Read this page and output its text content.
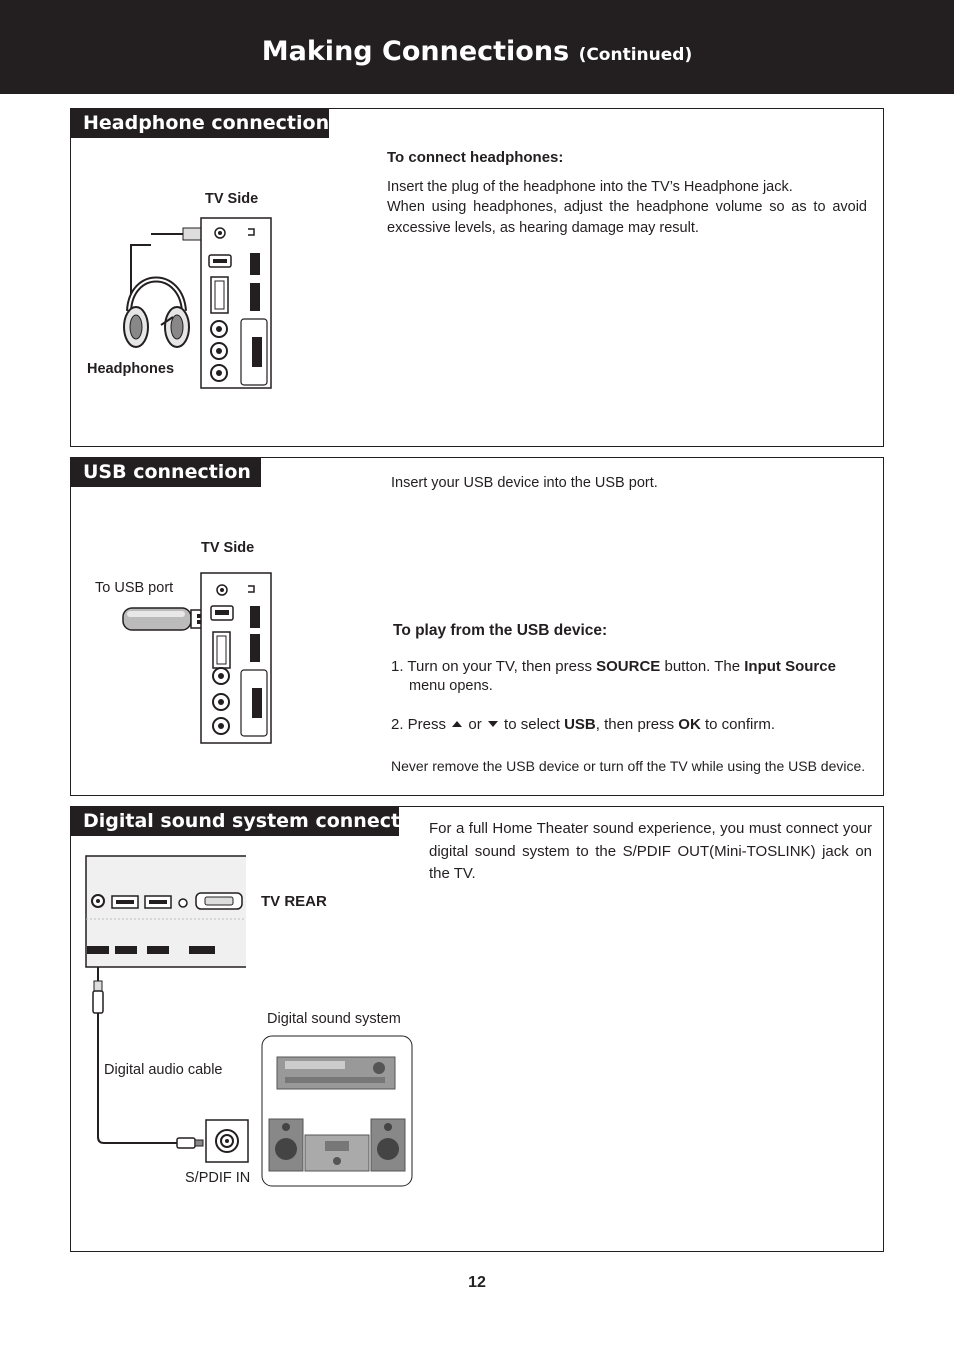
Making Connections (Continued)
Headphone connection
To connect headphones:
Insert the plug of the headphone into the TV’s Headphone jack.
When using headphones, adjust the headphone volume so as to avoid excessive levels, as hearing damage may result.
TV Side
Headphones
USB connection	Insert your USB device into the USB port.
TV Side
To USB port
To play from the USB device:
1. Turn on your TV, then press SOURCE button. The Input Source
menu opens.
2. Press  or to select USB, then press OK to confirm.
Never remove the USB device or turn off the TV while using the USB device.
Digital sound system connection
For a full Home Theater sound experience, you must connect your digital sound system to the S/PDIF OUT(Mini-TOSLINK) jack on the TV.
TV REAR
Digital sound system
Digital audio cable
S/PDIF IN
12
